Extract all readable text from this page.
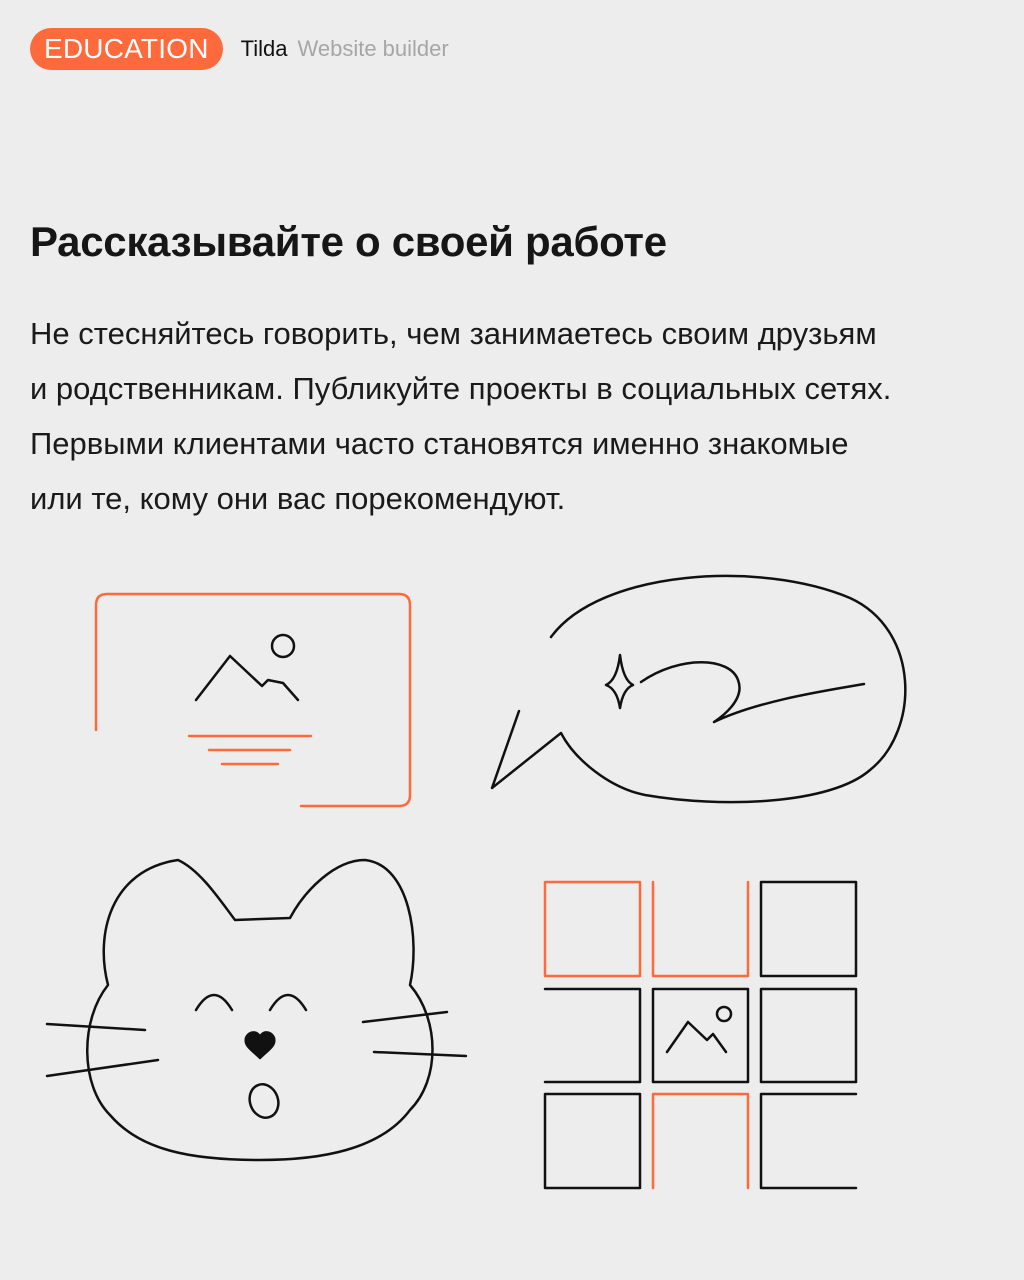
EDUCATION	Tilda Website builder
Рассказывайте о своей работе

Не стесняйтесь говорить, чем занимаетесь своим друзьям
и родственникам. Публикуйте проекты в социальных сетях.
Первыми клиентами часто становятся именно знакомые
или те, кому они вас порекомендуют.
